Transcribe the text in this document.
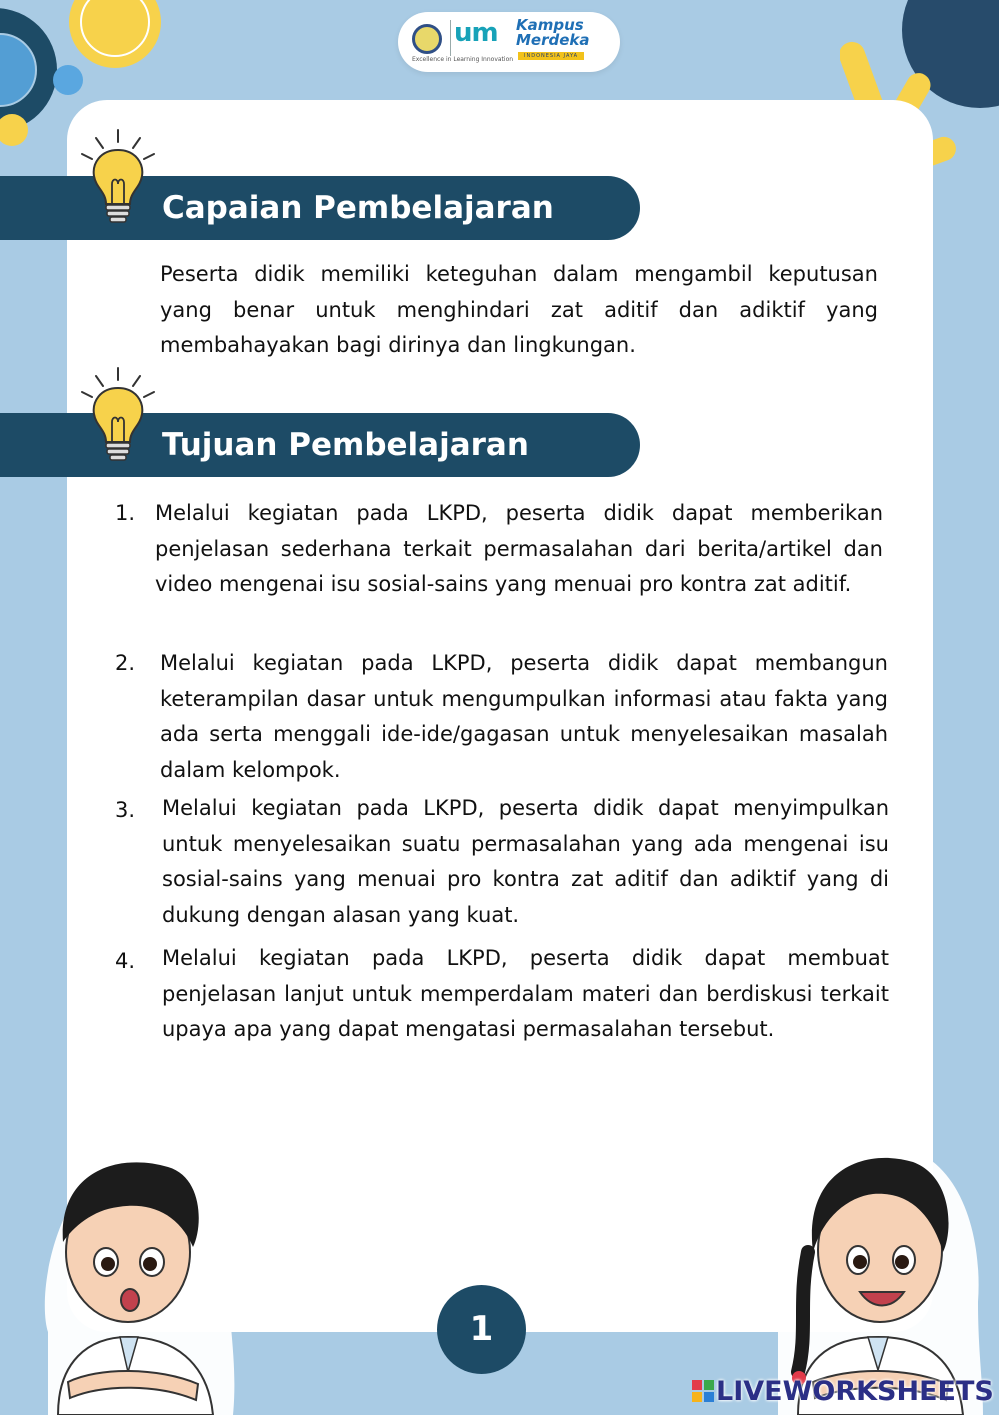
um
Excellence in Learning Innovation
Kampus
Merdeka
INDONESIA JAYA
Capaian Pembelajaran

Peserta didik memiliki keteguhan dalam mengambil keputusan yang benar untuk menghindari zat aditif dan adiktif yang membahayakan bagi dirinya dan lingkungan.

Tujuan Pembelajaran

1. Melalui kegiatan pada LKPD, peserta didik dapat memberikan penjelasan sederhana terkait permasalahan dari berita/artikel dan video mengenai isu sosial-sains yang menuai pro kontra zat aditif.

2. Melalui kegiatan pada LKPD, peserta didik dapat membangun keterampilan dasar untuk mengumpulkan informasi atau fakta yang ada serta menggali ide-ide/gagasan untuk menyelesaikan masalah dalam kelompok.

3. Melalui kegiatan pada LKPD, peserta didik dapat menyimpulkan untuk menyelesaikan suatu permasalahan yang ada mengenai isu sosial-sains yang menuai pro kontra zat aditif dan adiktif yang di dukung dengan alasan yang kuat.

4. Melalui kegiatan pada LKPD, peserta didik dapat membuat penjelasan lanjut untuk memperdalam materi dan berdiskusi terkait upaya apa yang dapat mengatasi permasalahan tersebut.

1
LIVEWORKSHEETS
